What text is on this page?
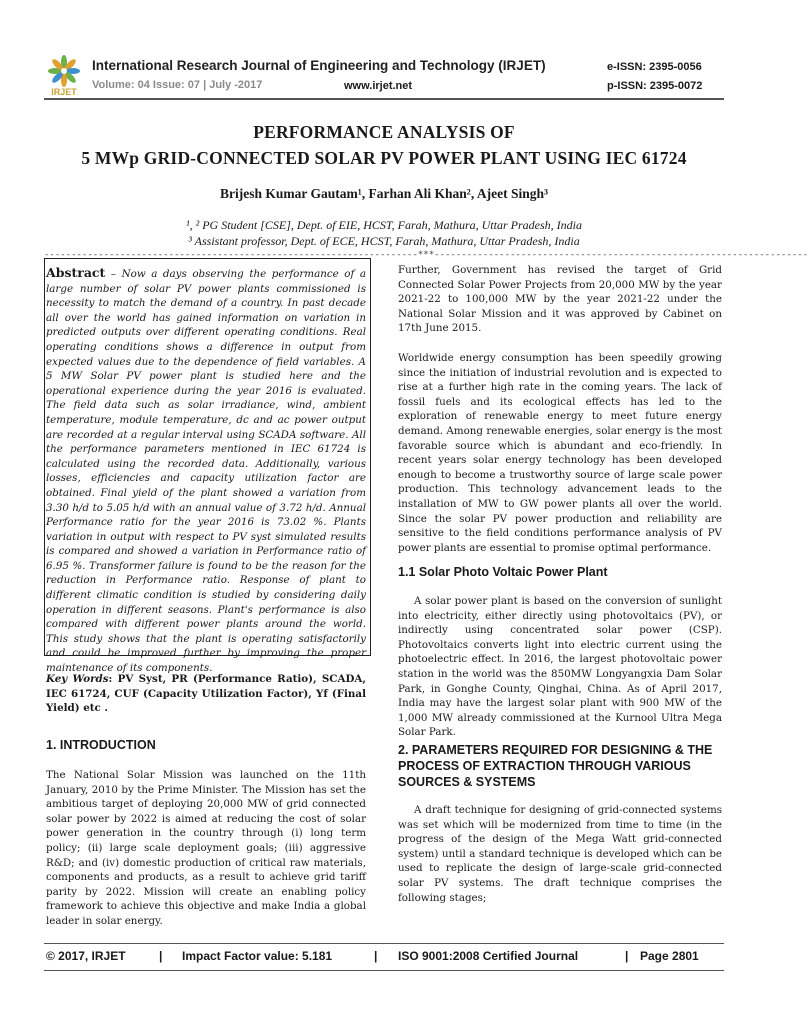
IRJET
International Research Journal of Engineering and Technology (IRJET)	e-ISSN: 2395-0056
Volume: 04 Issue: 07 | July -2017	www.irjet.net	p-ISSN: 2395-0072
PERFORMANCE ANALYSIS OF
5 MWp GRID-CONNECTED SOLAR PV POWER PLANT USING IEC 61724
Brijesh Kumar Gautam¹, Farhan Ali Khan², Ajeet Singh³
¹, ² PG Student [CSE], Dept. of EIE, HCST, Farah, Mathura, Uttar Pradesh, India
³ Assistant professor, Dept. of ECE, HCST, Farah, Mathura, Uttar Pradesh, India
---------------------------------------------------------------------***---------------------------------------------------------------------
Abstract – Now a days observing the performance of a large number of solar PV power plants commissioned is necessity to match the demand of a country. In past decade all over the world has gained information on variation in predicted outputs over different operating conditions. Real operating conditions shows a difference in output from expected values due to the dependence of field variables. A 5 MW Solar PV power plant is studied here and the operational experience during the year 2016 is evaluated. The field data such as solar irradiance, wind, ambient temperature, module temperature, dc and ac power output are recorded at a regular interval using SCADA software. All the performance parameters mentioned in IEC 61724 is calculated using the recorded data. Additionally, various losses, efficiencies and capacity utilization factor are obtained. Final yield of the plant showed a variation from 3.30 h/d to 5.05 h/d with an annual value of 3.72 h/d. Annual Performance ratio for the year 2016 is 73.02 %. Plants variation in output with respect to PV syst simulated results is compared and showed a variation in Performance ratio of 6.95 %. Transformer failure is found to be the reason for the reduction in Performance ratio. Response of plant to different climatic condition is studied by considering daily operation in different seasons. Plant's performance is also compared with different power plants around the world. This study shows that the plant is operating satisfactorily and could be improved further by improving the proper maintenance of its components.
Key Words: PV Syst, PR (Performance Ratio), SCADA, IEC 61724, CUF (Capacity Utilization Factor), Yf (Final Yield) etc .
1. INTRODUCTION
The National Solar Mission was launched on the 11th January, 2010 by the Prime Minister. The Mission has set the ambitious target of deploying 20,000 MW of grid connected solar power by 2022 is aimed at reducing the cost of solar power generation in the country through (i) long term policy; (ii) large scale deployment goals; (iii) aggressive R&D; and (iv) domestic production of critical raw materials, components and products, as a result to achieve grid tariff parity by 2022. Mission will create an enabling policy framework to achieve this objective and make India a global leader in solar energy.
Further, Government has revised the target of Grid Connected Solar Power Projects from 20,000 MW by the year 2021-22 to 100,000 MW by the year 2021-22 under the National Solar Mission and it was approved by Cabinet on 17th June 2015.
Worldwide energy consumption has been speedily growing since the initiation of industrial revolution and is expected to rise at a further high rate in the coming years. The lack of fossil fuels and its ecological effects has led to the exploration of renewable energy to meet future energy demand. Among renewable energies, solar energy is the most favorable source which is abundant and eco-friendly. In recent years solar energy technology has been developed enough to become a trustworthy source of large scale power production. This technology advancement leads to the installation of MW to GW power plants all over the world. Since the solar PV power production and reliability are sensitive to the field conditions performance analysis of PV power plants are essential to promise optimal performance.
1.1 Solar Photo Voltaic Power Plant
A solar power plant is based on the conversion of sunlight into electricity, either directly using photovoltaics (PV), or indirectly using concentrated solar power (CSP). Photovoltaics converts light into electric current using the photoelectric effect. In 2016, the largest photovoltaic power station in the world was the 850MW Longyangxia Dam Solar Park, in Gonghe County, Qinghai, China. As of April 2017, India may have the largest solar plant with 900 MW of the 1,000 MW already commissioned at the Kurnool Ultra Mega Solar Park.
2. PARAMETERS REQUIRED FOR DESIGNING & THE PROCESS OF EXTRACTION THROUGH VARIOUS SOURCES & SYSTEMS
A draft technique for designing of grid-connected systems was set which will be modernized from time to time (in the progress of the design of the Mega Watt grid-connected system) until a standard technique is developed which can be used to replicate the design of large-scale grid-connected solar PV systems. The draft technique comprises the following stages;
© 2017, IRJET	| Impact Factor value: 5.181	| ISO 9001:2008 Certified Journal	| Page 2801
